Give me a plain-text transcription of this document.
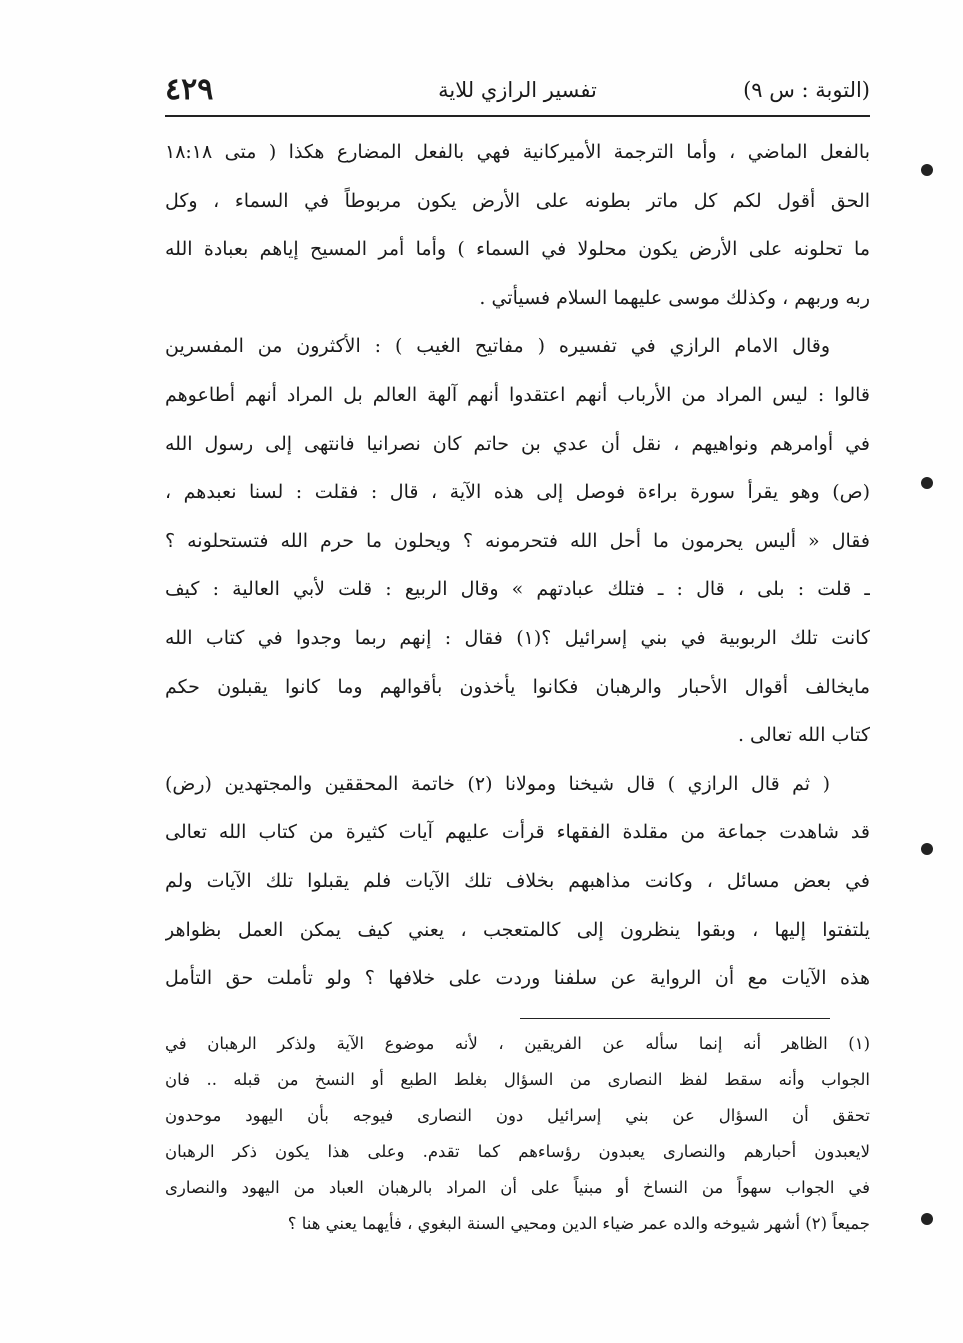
(التوبة : س ٩)
تفسير الرازي للاية
٤٢٩
بالفعل الماضي ، وأما الترجمة الأميركانية فهي بالفعل المضارع هكذا ( متى ١٨:١٨
الحق أقول لكم كل ماتر بطونه على الأرض يكون مربوطاً في السماء ، وكل
ما تحلونه على الأرض يكون محلولا في السماء ) وأما أمر المسيح إياهم بعبادة الله
ربه وربهم ، وكذلك موسى عليهما السلام فسيأتي .
وقال الامام الرازي في تفسيره ( مفاتيح الغيب ) : الأكثرون من المفسرين
قالوا : ليس المراد من الأرباب أنهم اعتقدوا أنهم آلهة العالم بل المراد أنهم أطاعوهم
في أوامرهم ونواهيهم ، نقل أن عدي بن حاتم كان نصرانيا فانتهى إلى رسول الله
(ص) وهو يقرأ سورة براءة فوصل إلى هذه الآية ، قال : فقلت : لسنا نعبدهم ،
فقال « أليس يحرمون ما أحل الله فتحرمونه ؟ ويحلون ما حرم الله فتستحلونه ؟
ـ قلت : بلى ، قال : ـ فتلك عبادتهم » وقال الربيع : قلت لأبي العالية : كيف
كانت تلك الربوبية في بني إسرائيل ؟(١) فقال : إنهم ربما وجدوا في كتاب الله
مايخالف أقوال الأحبار والرهبان فكانوا يأخذون بأقوالهم وما كانوا يقبلون حكم
كتاب الله تعالى .
( ثم قال الرازي ) قال شيخنا ومولانا (٢) خاتمة المحققين والمجتهدين (رض)
قد شاهدت جماعة من مقلدة الفقهاء قرأت عليهم آيات كثيرة من كتاب الله تعالى
في بعض مسائل ، وكانت مذاهبهم بخلاف تلك الآيات فلم يقبلوا تلك الآيات ولم
يلتفتوا إليها ، وبقوا ينظرون إلى كالمتعجب ، يعني كيف يمكن العمل بظواهر
هذه الآيات مع أن الرواية عن سلفنا وردت على خلافها ؟ ولو تأملت حق التأمل
(١) الظاهر أنه إنما سأله عن الفريقين ، لأنه موضوع الآية ولذكر الرهبان في
الجواب وأنه سقط لفظ النصارى من السؤال بغلط الطبع أو النسخ من قبله .. فان
تحقق أن السؤال عن بني إسرائيل دون النصارى فيوجه بأن اليهود موحدون
لايعبدون أحبارهم والنصارى يعبدون رؤساءهم كما تقدم. وعلى هذا يكون ذكر الرهبان
في الجواب سهواً من النساخ أو مبنياً على أن المراد بالرهبان العباد من اليهود والنصارى
جميعاً (٢) أشهر شيوخه والده عمر ضياء الدين ومحيي السنة البغوي ، فأيهما يعني هنا ؟
